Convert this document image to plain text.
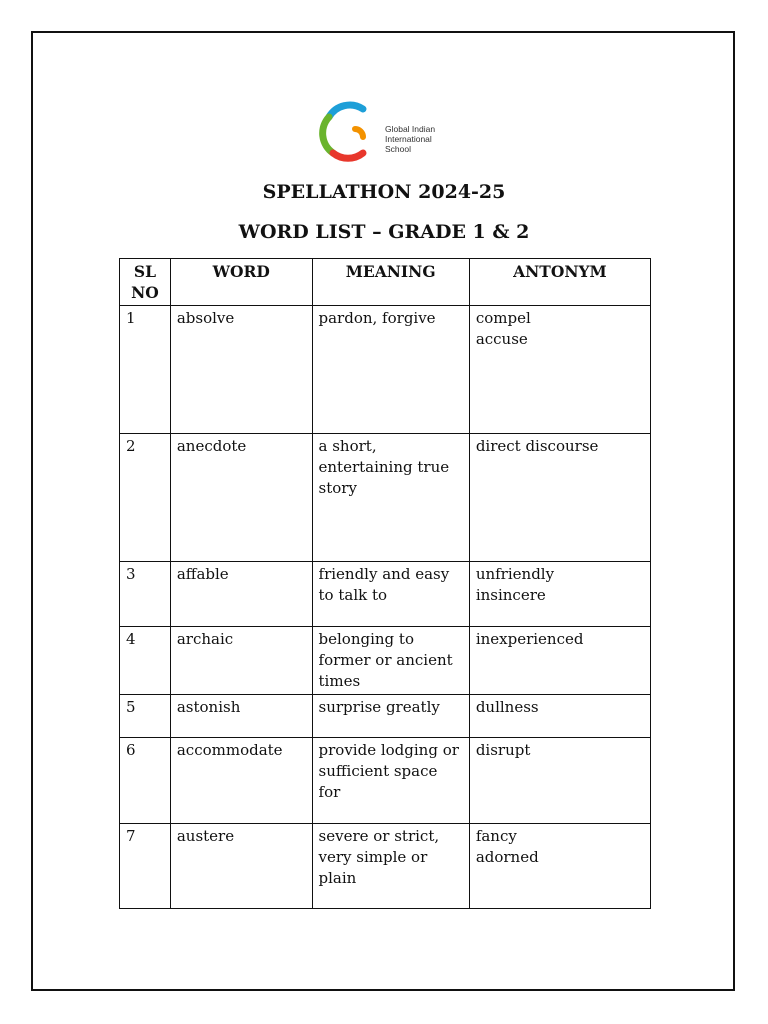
Global Indian
International
School
SPELLATHON 2024-25
WORD LIST – GRADE 1 & 2
SL NO	WORD	MEANING	ANTONYM
1	absolve	pardon, forgive	compel
accuse

2	anecdote	a short, entertaining true story	direct discourse

3	affable	friendly and easy to talk to	unfriendly
insincere

4	archaic	belonging to former or ancient times	inexperienced

5	astonish	surprise greatly	dullness

6	accommodate	provide lodging or sufficient space for	disrupt

7	austere	severe or strict, very simple or plain	fancy
adorned
